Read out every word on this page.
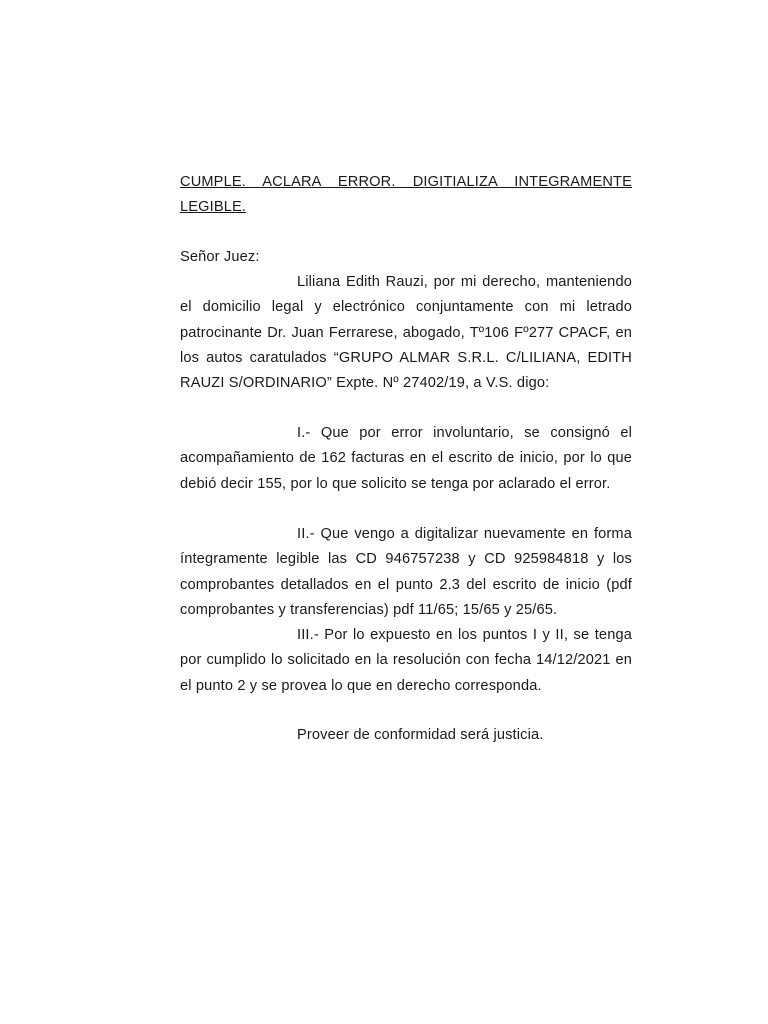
CUMPLE. ACLARA ERROR. DIGITIALIZA INTEGRAMENTE LEGIBLE.
Señor Juez:
Liliana Edith Rauzi, por mi derecho, manteniendo el domicilio legal y electrónico conjuntamente con mi letrado patrocinante Dr. Juan Ferrarese, abogado, Tº106 Fº277 CPACF, en los autos caratulados “GRUPO ALMAR S.R.L. C/LILIANA, EDITH RAUZI S/ORDINARIO” Expte. Nº 27402/19, a V.S. digo:
I.- Que por error involuntario, se consignó el acompañamiento de 162 facturas en el escrito de inicio, por lo que debió decir 155, por lo que solicito se tenga por aclarado el error.
II.- Que vengo a digitalizar nuevamente en forma íntegramente legible las CD 946757238 y CD 925984818 y los comprobantes detallados en el punto 2.3 del escrito de inicio (pdf comprobantes y transferencias) pdf 11/65; 15/65 y 25/65.
III.- Por lo expuesto en los puntos I y II, se tenga por cumplido lo solicitado en la resolución con fecha 14/12/2021 en el punto 2 y se provea lo que en derecho corresponda.
Proveer de conformidad será justicia.
